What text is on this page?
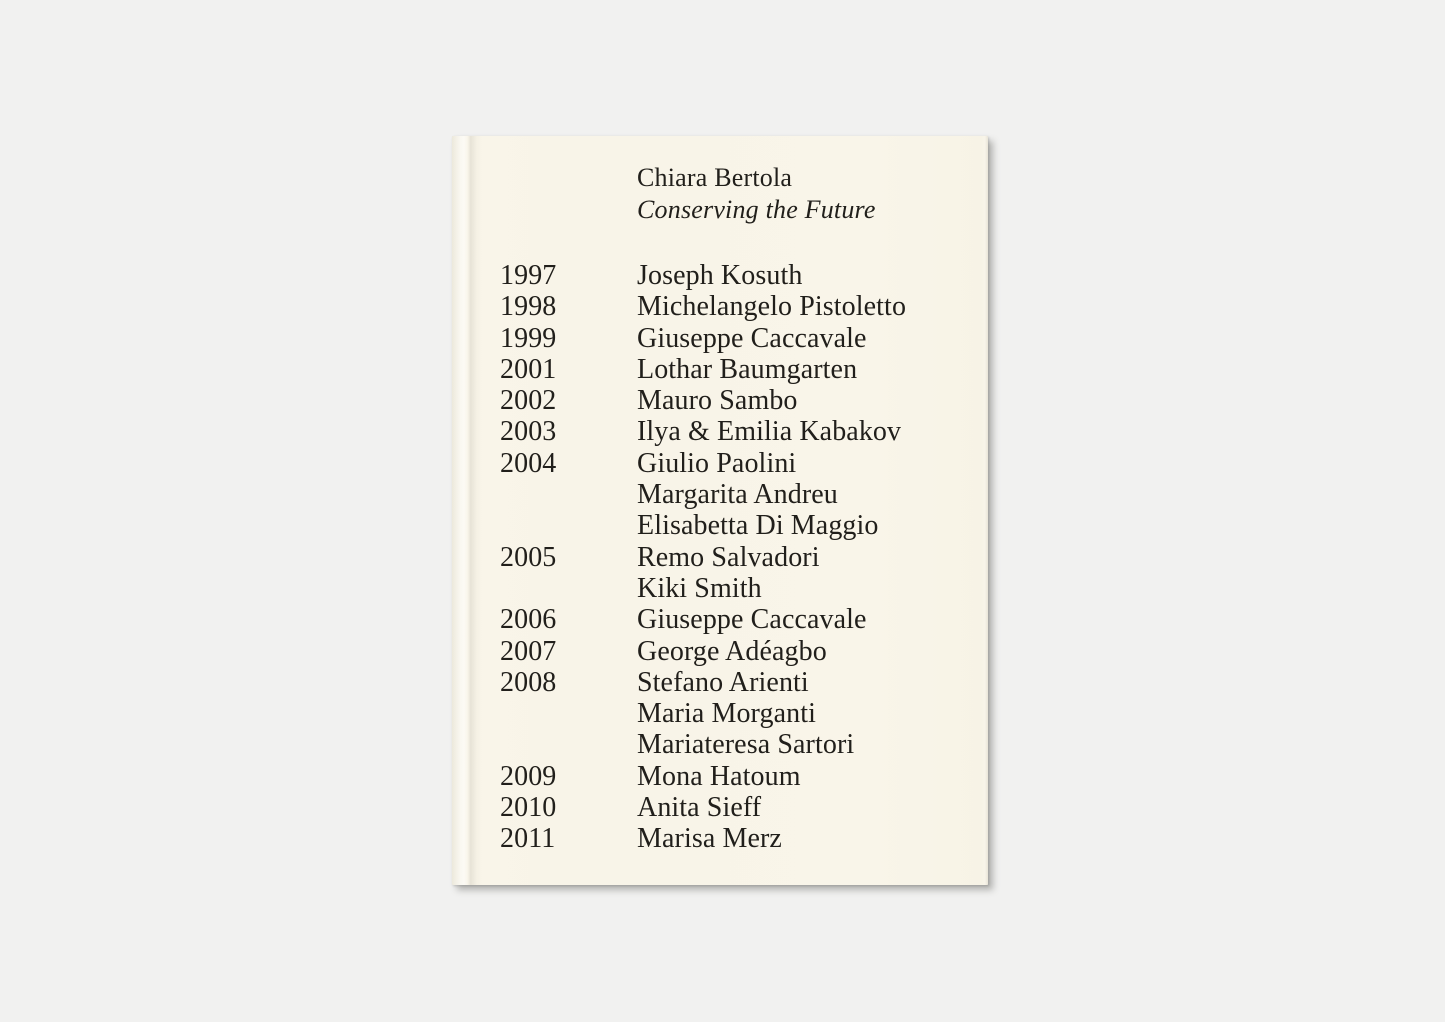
Chiara Bertola
Conserving the Future
1997	Joseph Kosuth
1998	Michelangelo Pistoletto
1999	Giuseppe Caccavale
2001	Lothar Baumgarten
2002	Mauro Sambo
2003	Ilya & Emilia Kabakov
2004	Giulio Paolini
Margarita Andreu
Elisabetta Di Maggio
2005	Remo Salvadori
Kiki Smith
2006	Giuseppe Caccavale
2007	George Adéagbo
2008	Stefano Arienti
Maria Morganti
Mariateresa Sartori
2009	Mona Hatoum
2010	Anita Sieff
2011	Marisa Merz
